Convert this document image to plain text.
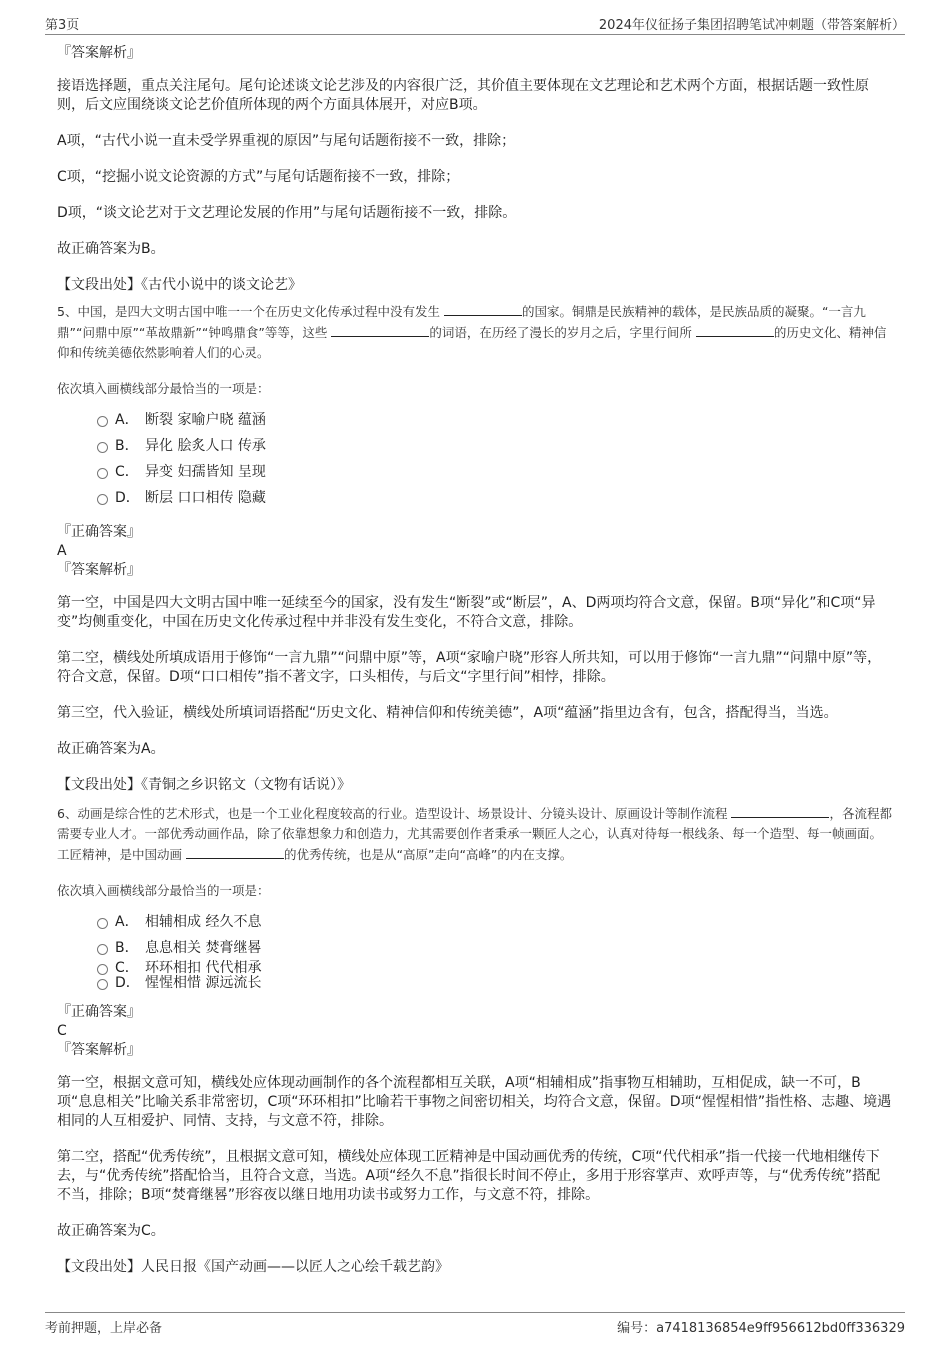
第3页	2024年仪征扬子集团招聘笔试冲刺题（带答案解析）

『答案解析』

接语选择题，重点关注尾句。尾句论述谈文论艺涉及的内容很广泛，其价值主要体现在文艺理论和艺术两个方面，根据话题一致性原则，后文应围绕谈文论艺价值所体现的两个方面具体展开，对应B项。

A项，“古代小说一直未受学界重视的原因”与尾句话题衔接不一致，排除；

C项，“挖掘小说文论资源的方式”与尾句话题衔接不一致，排除；

D项，“谈文论艺对于文艺理论发展的作用”与尾句话题衔接不一致，排除。

故正确答案为B。

【文段出处】《古代小说中的谈文论艺》

5、中国，是四大文明古国中唯一一个在历史文化传承过程中没有发生	的国家。铜鼎是民族精神的载体，是民族品质的凝聚。“一言九鼎”“问鼎中原”“革故鼎新”“钟鸣鼎食”等等，这些	的词语，在历经了漫长的岁月之后，字里行间所	的历史文化、精神信仰和传统美德依然影响着人们的心灵。

依次填入画横线部分最恰当的一项是：

A． 断裂 家喻户晓 蕴涵
B． 异化 脍炙人口 传承
C． 异变 妇孺皆知 呈现
D． 断层 口口相传 隐藏

『正确答案』

A

『答案解析』

第一空，中国是四大文明古国中唯一延续至今的国家，没有发生“断裂”或“断层”，A、D两项均符合文意，保留。B项“异化”和C项“异变”均侧重变化，中国在历史文化传承过程中并非没有发生变化，不符合文意，排除。

第二空，横线处所填成语用于修饰“一言九鼎”“问鼎中原”等，A项“家喻户晓”形容人所共知，可以用于修饰“一言九鼎”“问鼎中原”等，符合文意，保留。D项“口口相传”指不著文字，口头相传，与后文“字里行间”相悖，排除。

第三空，代入验证，横线处所填词语搭配“历史文化、精神信仰和传统美德”，A项“蕴涵”指里边含有，包含，搭配得当，当选。

故正确答案为A。

【文段出处】《青铜之乡识铭文（文物有话说）》

6、动画是综合性的艺术形式，也是一个工业化程度较高的行业。造型设计、场景设计、分镜头设计、原画设计等制作流程	，各流程都需要专业人才。一部优秀动画作品，除了依靠想象力和创造力，尤其需要创作者秉承一颗匠人之心，认真对待每一根线条、每一个造型、每一帧画面。工匠精神，是中国动画	的优秀传统，也是从“高原”走向“高峰”的内在支撑。

依次填入画横线部分最恰当的一项是：

A． 相辅相成 经久不息
B． 息息相关 焚膏继晷
C． 环环相扣 代代相承
D． 惺惺相惜 源远流长

『正确答案』

C

『答案解析』

第一空，根据文意可知，横线处应体现动画制作的各个流程都相互关联，A项“相辅相成”指事物互相辅助，互相促成，缺一不可，B项“息息相关”比喻关系非常密切，C项“环环相扣”比喻若干事物之间密切相关，均符合文意，保留。D项“惺惺相惜”指性格、志趣、境遇相同的人互相爱护、同情、支持，与文意不符，排除。

第二空，搭配“优秀传统”，且根据文意可知，横线处应体现工匠精神是中国动画优秀的传统，C项“代代相承”指一代接一代地相继传下去，与“优秀传统”搭配恰当，且符合文意，当选。A项“经久不息”指很长时间不停止，多用于形容掌声、欢呼声等，与“优秀传统”搭配不当，排除；B项“焚膏继晷”形容夜以继日地用功读书或努力工作，与文意不符，排除。

故正确答案为C。

【文段出处】人民日报《国产动画——以匠人之心绘千载艺韵》

考前押题，上岸必备	编号：a7418136854e9ff956612bd0ff336329
